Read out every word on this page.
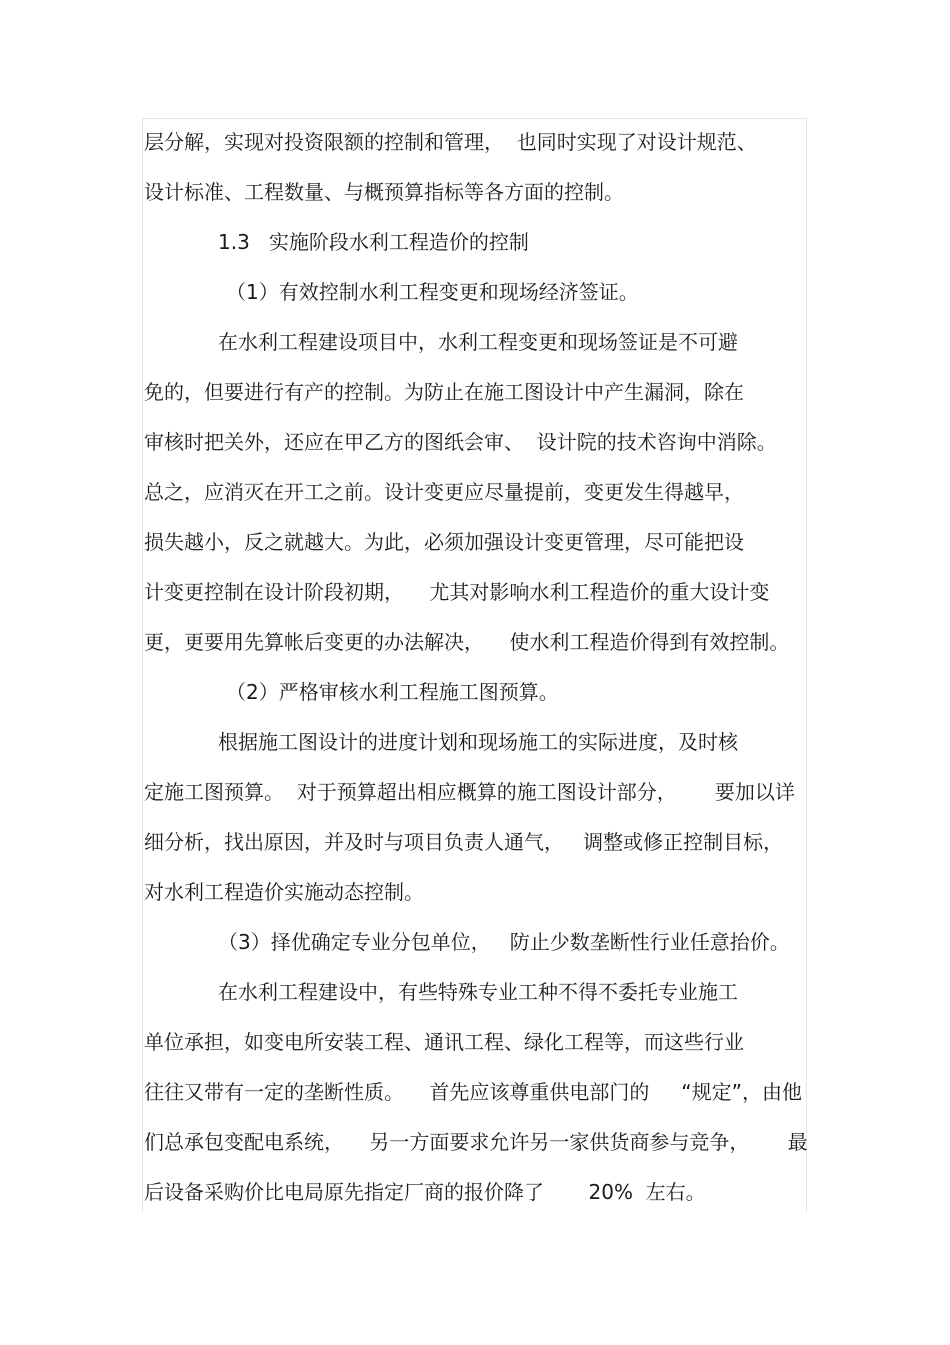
层分解，实现对投资限额的控制和管理，  也同时实现了对设计规范、
设计标准、工程数量、与概预算指标等各方面的控制。
1.3   实施阶段水利工程造价的控制
（1）有效控制水利工程变更和现场经济签证。
在水利工程建设项目中，水利工程变更和现场签证是不可避
免的，但要进行有产的控制。为防止在施工图设计中产生漏洞，除在
审核时把关外，还应在甲乙方的图纸会审、  设计院的技术咨询中消除。
总之，应消灭在开工之前。设计变更应尽量提前，变更发生得越早，
损失越小，反之就越大。为此，必须加强设计变更管理，尽可能把设
计变更控制在设计阶段初期，    尤其对影响水利工程造价的重大设计变
更，更要用先算帐后变更的办法解决，    使水利工程造价得到有效控制。
（2）严格审核水利工程施工图预算。
根据施工图设计的进度计划和现场施工的实际进度，及时核
定施工图预算。  对于预算超出相应概算的施工图设计部分，      要加以详
细分析，找出原因，并及时与项目负责人通气，   调整或修正控制目标，
对水利工程造价实施动态控制。
（3）择优确定专业分包单位，   防止少数垄断性行业任意抬价。
在水利工程建设中，有些特殊专业工种不得不委托专业施工
单位承担，如变电所安装工程、通讯工程、绿化工程等，而这些行业
往往又带有一定的垄断性质。    首先应该尊重供电部门的     “规定”，由他
们总承包变配电系统，    另一方面要求允许另一家供货商参与竞争，      最
后设备采购价比电局原先指定厂商的报价降了       20%  左右。
